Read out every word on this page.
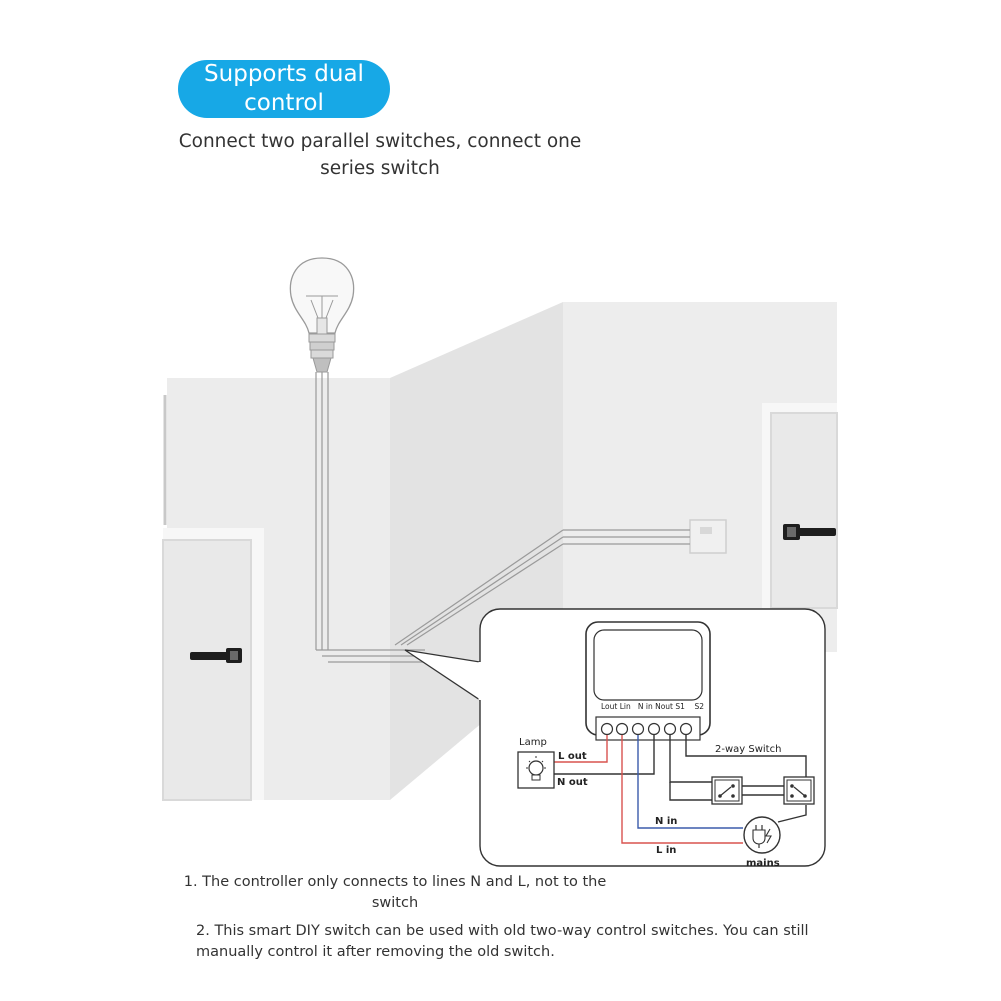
Supports dual
control
Connect two parallel switches, connect one
series switch
Lout Lin   N in Nout S1    S2
Lamp
L out
N out
2-way Switch
N in
L in
mains
1. The controller only connects to lines N and L, not to the
switch
2. This smart DIY switch can be used with old two-way control switches. You can still
manually control it after removing the old switch.
